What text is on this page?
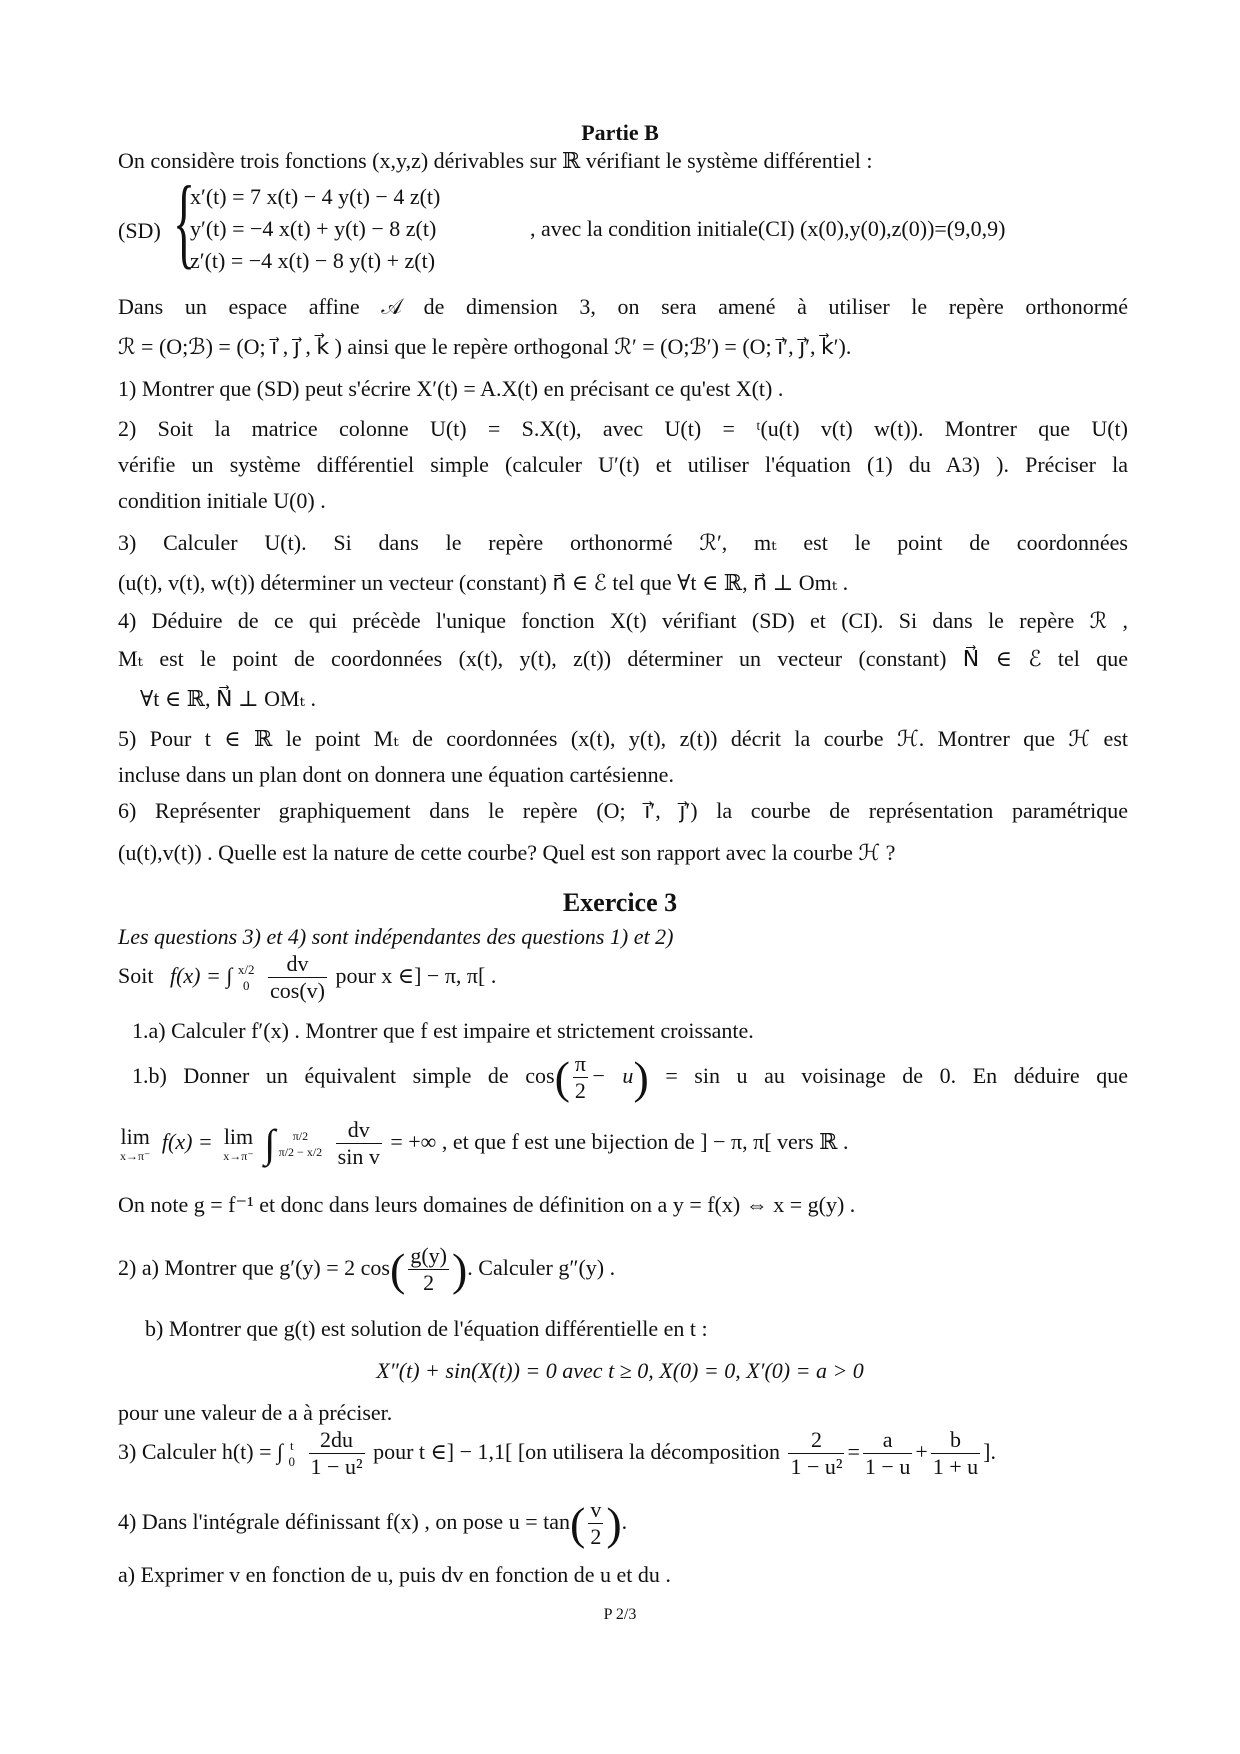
Partie B
On considère trois fonctions (x,y,z) dérivables sur ℝ vérifiant le système différentiel :
(SD) {
x′(t) = 7 x(t) − 4 y(t) − 4 z(t)
y′(t) = −4 x(t) + y(t) − 8 z(t)
z′(t) = −4 x(t) − 8 y(t) + z(t)
, avec la condition initiale(CI) (x(0),y(0),z(0))=(9,0,9)
Dans un espace affine 𝒜 de dimension 3, on sera amené à utiliser le repère orthonormé
ℛ = (O;ℬ) = (O; i⃗ , j⃗ , k⃗ ) ainsi que le repère orthogonal ℛ′ = (O;ℬ′) = (O; i⃗′, j⃗′, k⃗′).
1) Montrer que (SD) peut s'écrire X′(t) = A.X(t) en précisant ce qu'est X(t) .
2) Soit la matrice colonne U(t) = S.X(t), avec U(t) = ᵗ(u(t) v(t) w(t)). Montrer que U(t)
vérifie un système différentiel simple (calculer U′(t) et utiliser l'équation (1) du A3) ). Préciser la
condition initiale U(0) .
3) Calculer U(t). Si dans le repère orthonormé ℛ′, mₜ est le point de coordonnées
(u(t), v(t), w(t)) déterminer un vecteur (constant) n⃗ ∈ ℰ tel que ∀t ∈ ℝ, n⃗ ⊥ Omₜ .
4) Déduire de ce qui précède l'unique fonction X(t) vérifiant (SD) et (CI). Si dans le repère ℛ ,
Mₜ est le point de coordonnées (x(t), y(t), z(t)) déterminer un vecteur (constant) N⃗ ∈ ℰ tel que
∀t ∈ ℝ, N⃗ ⊥ OMₜ .
5) Pour t ∈ ℝ le point Mₜ de coordonnées (x(t), y(t), z(t)) décrit la courbe ℋ. Montrer que ℋ est
incluse dans un plan dont on donnera une équation cartésienne.
6) Représenter graphiquement dans le repère (O; i⃗′, j⃗′) la courbe de représentation paramétrique
(u(t),v(t)) . Quelle est la nature de cette courbe? Quel est son rapport avec la courbe ℋ ?
Exercice 3
Les questions 3) et 4) sont indépendantes des questions 1) et 2)
Soit f(x) = ∫ x/2
0
$\frac{dv}{\cos(v)}$ pour x ∈] − π, π[ .
1.a) Calculer f′(x) . Montrer que f est impaire et strictement croissante.
1.b) Donner un équivalent simple de $\cos( \frac{\pi}{2} - u) = \sin u$ au voisinage de 0. En déduire que
lim
x→π⁻
f(x) = lim
x→π⁻ ∫	π/2
π/2 − x/2
$\frac{dv}{\text{sin v}}$ = +∞ , et que f est une bijection de ] − π, π[ vers ℝ .
On note g = f⁻¹ et donc dans leurs domaines de définition on a y = f(x) ⇔ x = g(y) .
2) a) Montrer que g′(y) = 2 $\cos( \frac{g(y)}{2}$ ). Calculer g″(y) .
b) Montrer que g(t) est solution de l'équation différentielle en t :
X″(t) + sin(X(t)) = 0 avec t ≥ 0, X(0) = 0, X′(0) = a > 0
pour une valeur de a à préciser.
3) Calculer h(t) = ∫ t
0
$\frac{2du}{\text{1 − u²}}$ pour t ∈] − 1,1[ [on utilisera la décomposition $\frac{2}{\text{1 − u²}} = \frac{a}{1 - u} + \frac{b}{1 + u}$ ].
4) Dans l'intégrale définissant f(x) , on pose $u = \tan( \frac{v}{2}$ ).
a) Exprimer v en fonction de u, puis dv en fonction de u et du .
P 2/3
